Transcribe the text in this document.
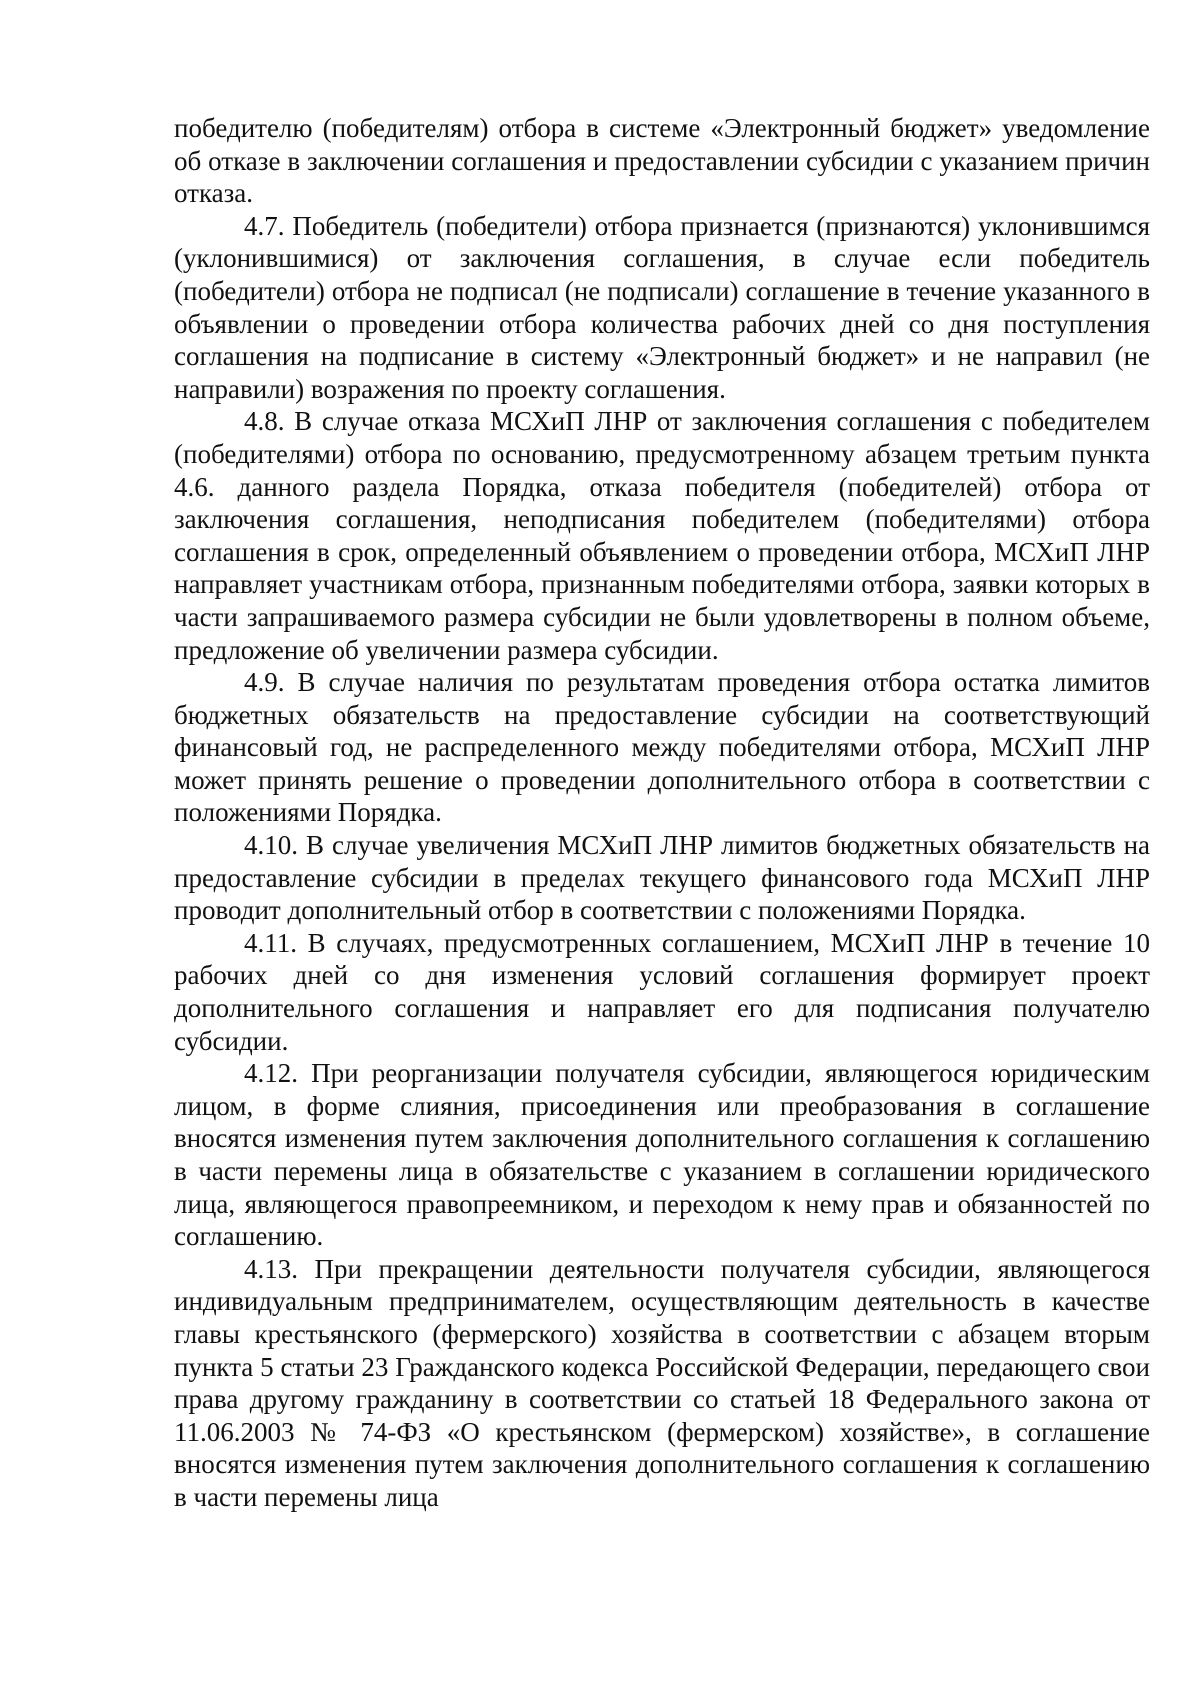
победителю (победителям) отбора в системе «Электронный бюджет» уведомление об отказе в заключении соглашения и предоставлении субсидии с указанием причин отказа.

4.7. Победитель (победители) отбора признается (признаются) уклонившимся (уклонившимися) от заключения соглашения, в случае если победитель (победители) отбора не подписал (не подписали) соглашение в течение указанного в объявлении о проведении отбора количества рабочих дней со дня поступления соглашения на подписание в систему «Электронный бюджет» и не направил (не направили) возражения по проекту соглашения.

4.8. В случае отказа МСХиП ЛНР от заключения соглашения с победителем (победителями) отбора по основанию, предусмотренному абзацем третьим пункта 4.6. данного раздела Порядка, отказа победителя (победителей) отбора от заключения соглашения, неподписания победителем (победителями) отбора соглашения в срок, определенный объявлением о проведении отбора, МСХиП ЛНР направляет участникам отбора, признанным победителями отбора, заявки которых в части запрашиваемого размера субсидии не были удовлетворены в полном объеме, предложение об увеличении размера субсидии.

4.9. В случае наличия по результатам проведения отбора остатка лимитов бюджетных обязательств на предоставление субсидии на соответствующий финансовый год, не распределенного между победителями отбора, МСХиП ЛНР может принять решение о проведении дополнительного отбора в соответствии с положениями Порядка.

4.10. В случае увеличения МСХиП ЛНР лимитов бюджетных обязательств на предоставление субсидии в пределах текущего финансового года МСХиП ЛНР проводит дополнительный отбор в соответствии с положениями Порядка.

4.11. В случаях, предусмотренных соглашением, МСХиП ЛНР в течение 10 рабочих дней со дня изменения условий соглашения формирует проект дополнительного соглашения и направляет его для подписания получателю субсидии.

4.12. При реорганизации получателя субсидии, являющегося юридическим лицом, в форме слияния, присоединения или преобразования в соглашение вносятся изменения путем заключения дополнительного соглашения к соглашению в части перемены лица в обязательстве с указанием в соглашении юридического лица, являющегося правопреемником, и переходом к нему прав и обязанностей по соглашению.

4.13. При прекращении деятельности получателя субсидии, являющегося индивидуальным предпринимателем, осуществляющим деятельность в качестве главы крестьянского (фермерского) хозяйства в соответствии с абзацем вторым пункта 5 статьи 23 Гражданского кодекса Российской Федерации, передающего свои права другому гражданину в соответствии со статьей 18 Федерального закона от 11.06.2003 № 74-ФЗ «О крестьянском (фермерском) хозяйстве», в соглашение вносятся изменения путем заключения дополнительного соглашения к соглашению в части перемены лица
